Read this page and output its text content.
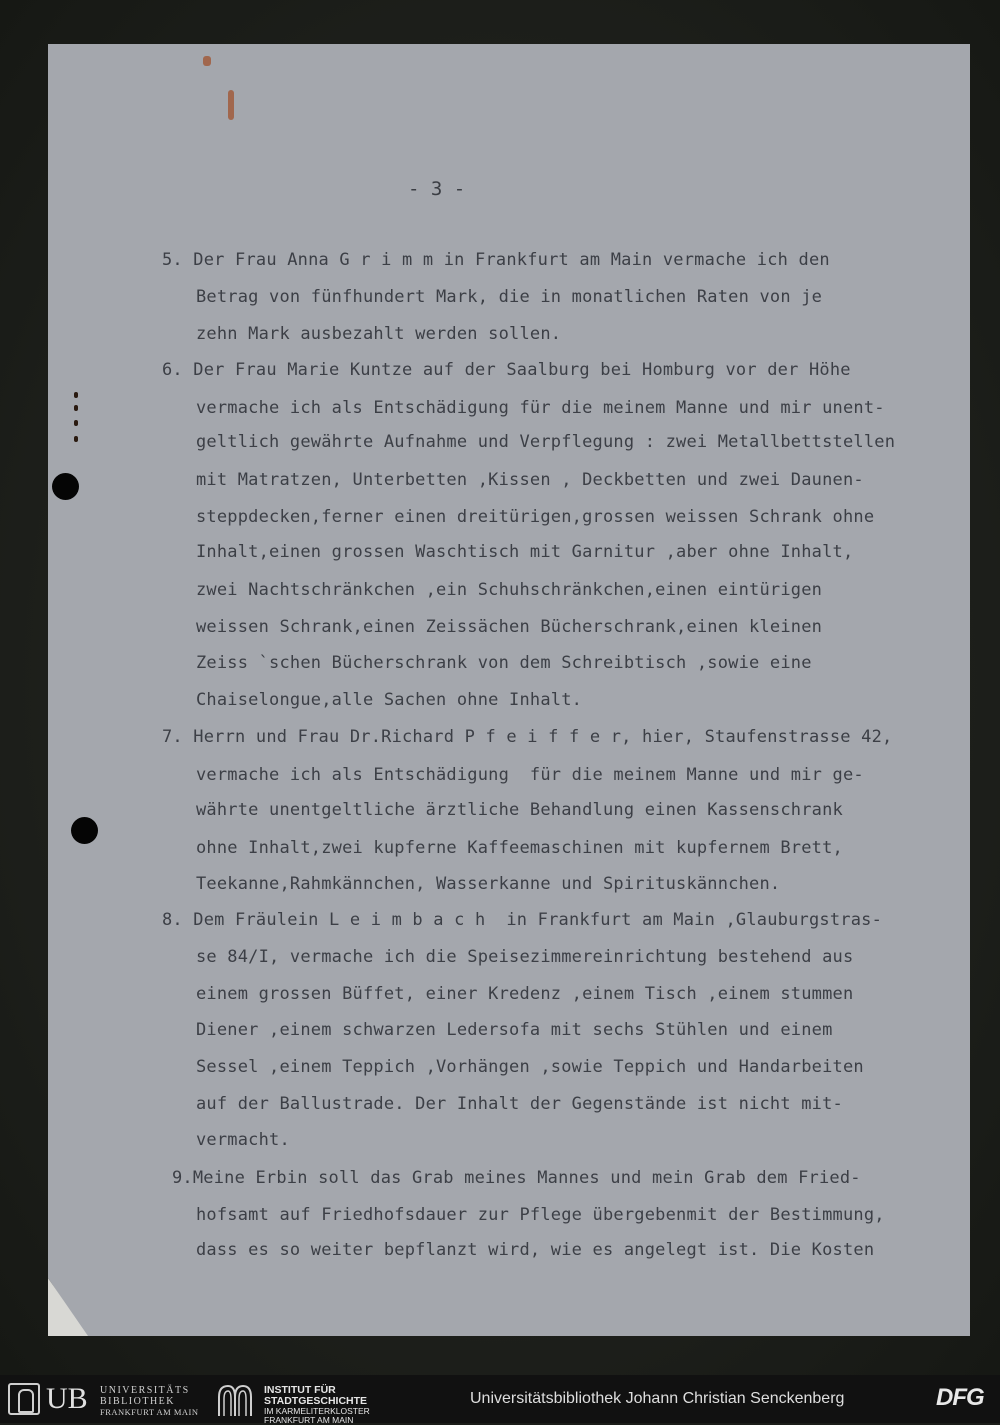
- 3 -
5. Der Frau Anna G r i m m in Frankfurt am Main vermache ich den
Betrag von fünfhundert Mark, die in monatlichen Raten von je
zehn Mark ausbezahlt werden sollen.
6. Der Frau Marie Kuntze auf der Saalburg bei Homburg vor der Höhe
vermache ich als Entschädigung für die meinem Manne und mir unent-
geltlich gewährte Aufnahme und Verpflegung : zwei Metallbettstellen
mit Matratzen, Unterbetten ,Kissen , Deckbetten und zwei Daunen-
steppdecken,ferner einen dreitürigen,grossen weissen Schrank ohne
Inhalt,einen grossen Waschtisch mit Garnitur ,aber ohne Inhalt,
zwei Nachtschränkchen ,ein Schuhschränkchen,einen eintürigen
weissen Schrank,einen Zeissächen Bücherschrank,einen kleinen
Zeiss `schen Bücherschrank von dem Schreibtisch ,sowie eine
Chaiselongue,alle Sachen ohne Inhalt.
7. Herrn und Frau Dr.Richard P f e i f f e r, hier, Staufenstrasse 42,
vermache ich als Entschädigung  für die meinem Manne und mir ge-
währte unentgeltliche ärztliche Behandlung einen Kassenschrank
ohne Inhalt,zwei kupferne Kaffeemaschinen mit kupfernem Brett,
Teekanne,Rahmkännchen, Wasserkanne und Spirituskännchen.
8. Dem Fräulein L e i m b a c h  in Frankfurt am Main ,Glauburgstras-
se 84/I, vermache ich die Speisezimmereinrichtung bestehend aus
einem grossen Büffet, einer Kredenz ,einem Tisch ,einem stummen
Diener ,einem schwarzen Ledersofa mit sechs Stühlen und einem
Sessel ,einem Teppich ,Vorhängen ,sowie Teppich und Handarbeiten
auf der Ballustrade. Der Inhalt der Gegenstände ist nicht mit-
vermacht.
9.Meine Erbin soll das Grab meines Mannes und mein Grab dem Fried-
hofsamt auf Friedhofsdauer zur Pflege übergebenmit der Bestimmung,
dass es so weiter bepflanzt wird, wie es angelegt ist. Die Kosten
UB UNIVERSITÄTS
BIBLIOTHEK
FRANKFURT AM MAIN
INSTITUT FÜR
STADTGESCHICHTE
IM KARMELITERKLOSTER
FRANKFURT AM MAIN
Universitätsbibliothek Johann Christian Senckenberg	DFG
